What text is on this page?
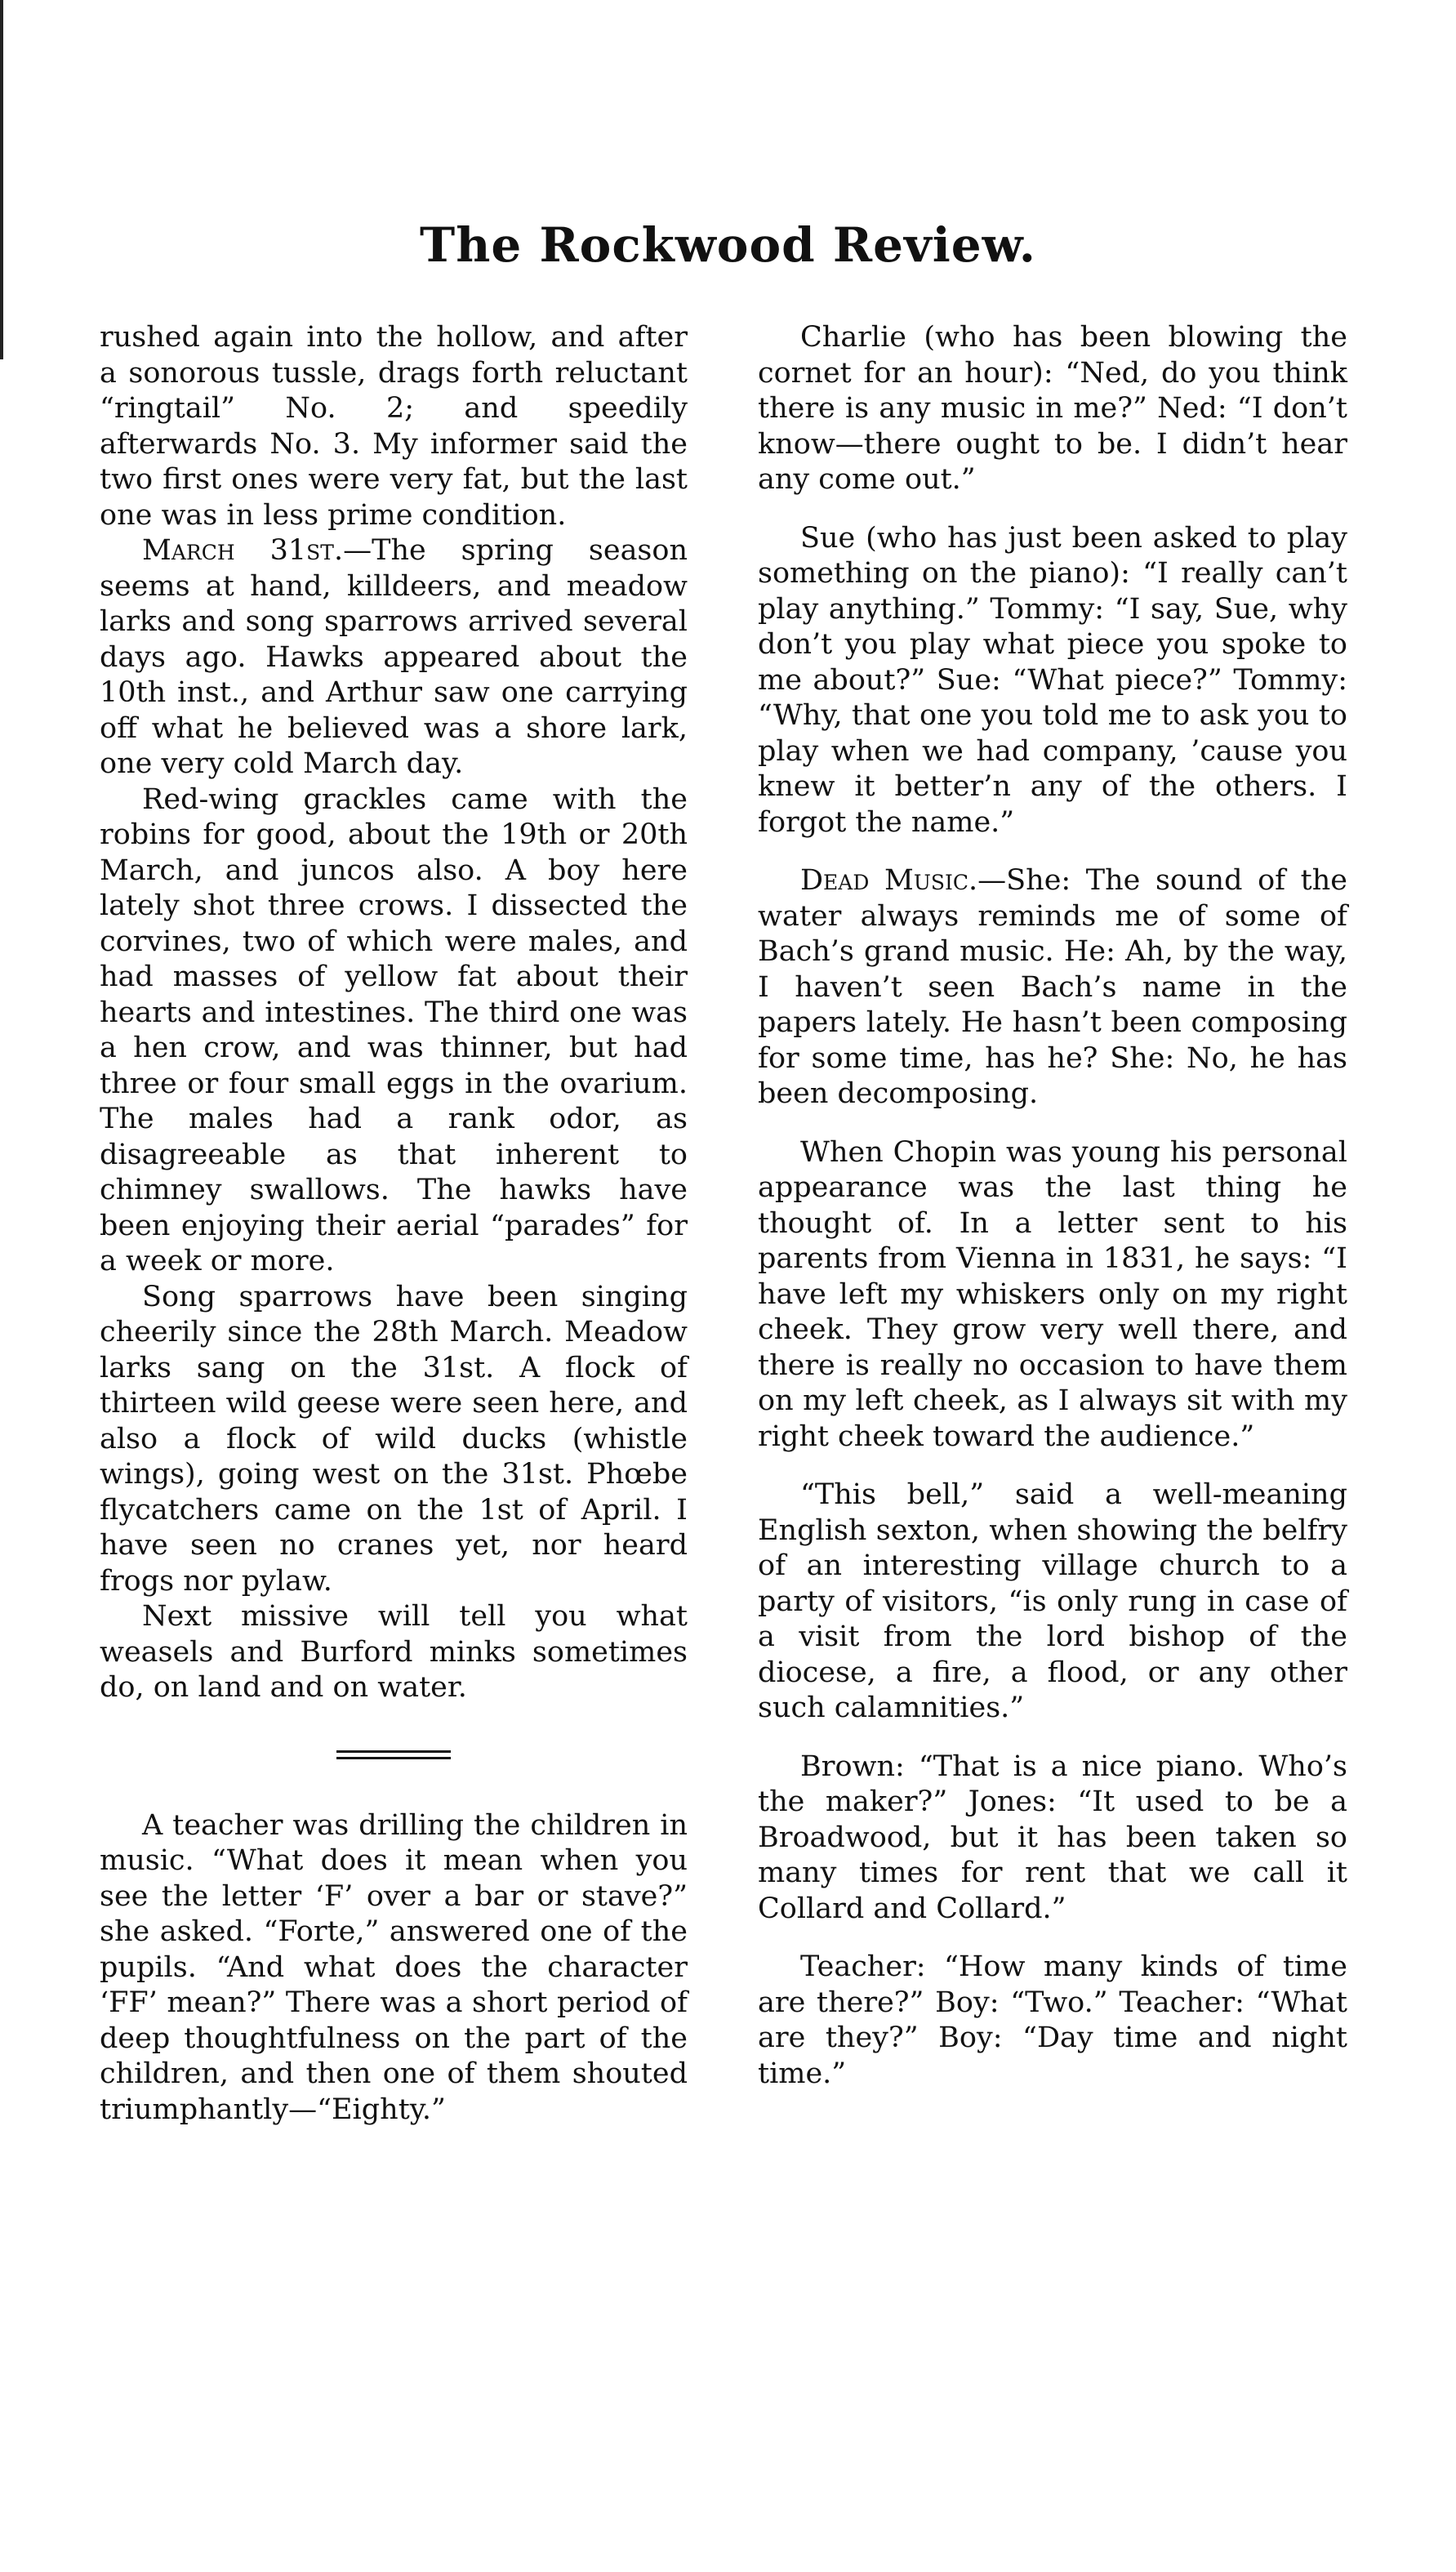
The Rockwood Review.

rushed again into the hollow, and after a sonorous tussle, drags forth reluctant “ringtail” No. 2; and speedily afterwards No. 3. My informer said the two first ones were very fat, but the last one was in less prime condition.

March 31st.—The spring season seems at hand, killdeers, and meadow larks and song sparrows arrived several days ago. Hawks appeared about the 10th inst., and Arthur saw one carrying off what he believed was a shore lark, one very cold March day.

Red-wing grackles came with the robins for good, about the 19th or 20th March, and juncos also. A boy here lately shot three crows. I dissected the corvines, two of which were males, and had masses of yellow fat about their hearts and intestines. The third one was a hen crow, and was thinner, but had three or four small eggs in the ovarium. The males had a rank odor, as disagreeable as that inherent to chimney swallows. The hawks have been enjoying their aerial “parades” for a week or more.

Song sparrows have been singing cheerily since the 28th March. Meadow larks sang on the 31st. A flock of thirteen wild geese were seen here, and also a flock of wild ducks (whistle wings), going west on the 31st. Phœbe flycatchers came on the 1st of April. I have seen no cranes yet, nor heard frogs nor pylaw.

Next missive will tell you what weasels and Burford minks sometimes do, on land and on water.

A teacher was drilling the children in music. “What does it mean when you see the letter ‘F’ over a bar or stave?” she asked. “Forte,” answered one of the pupils. “And what does the character ‘FF’ mean?” There was a short period of deep thoughtfulness on the part of the children, and then one of them shouted triumphantly—“Eighty.”

Charlie (who has been blowing the cornet for an hour): “Ned, do you think there is any music in me?” Ned: “I don’t know—there ought to be. I didn’t hear any come out.”

Sue (who has just been asked to play something on the piano): “I really can’t play anything.” Tommy: “I say, Sue, why don’t you play what piece you spoke to me about?” Sue: “What piece?” Tommy: “Why, that one you told me to ask you to play when we had company, ’cause you knew it better’n any of the others. I forgot the name.”

Dead Music.—She: The sound of the water always reminds me of some of Bach’s grand music. He: Ah, by the way, I haven’t seen Bach’s name in the papers lately. He hasn’t been composing for some time, has he? She: No, he has been decomposing.

When Chopin was young his personal appearance was the last thing he thought of. In a letter sent to his parents from Vienna in 1831, he says: “I have left my whiskers only on my right cheek. They grow very well there, and there is really no occasion to have them on my left cheek, as I always sit with my right cheek toward the audience.”

“This bell,” said a well-meaning English sexton, when showing the belfry of an interesting village church to a party of visitors, “is only rung in case of a visit from the lord bishop of the diocese, a fire, a flood, or any other such calamnities.”

Brown: “That is a nice piano. Who’s the maker?” Jones: “It used to be a Broadwood, but it has been taken so many times for rent that we call it Collard and Collard.”

Teacher: “How many kinds of time are there?” Boy: “Two.” Teacher: “What are they?” Boy: “Day time and night time.”
